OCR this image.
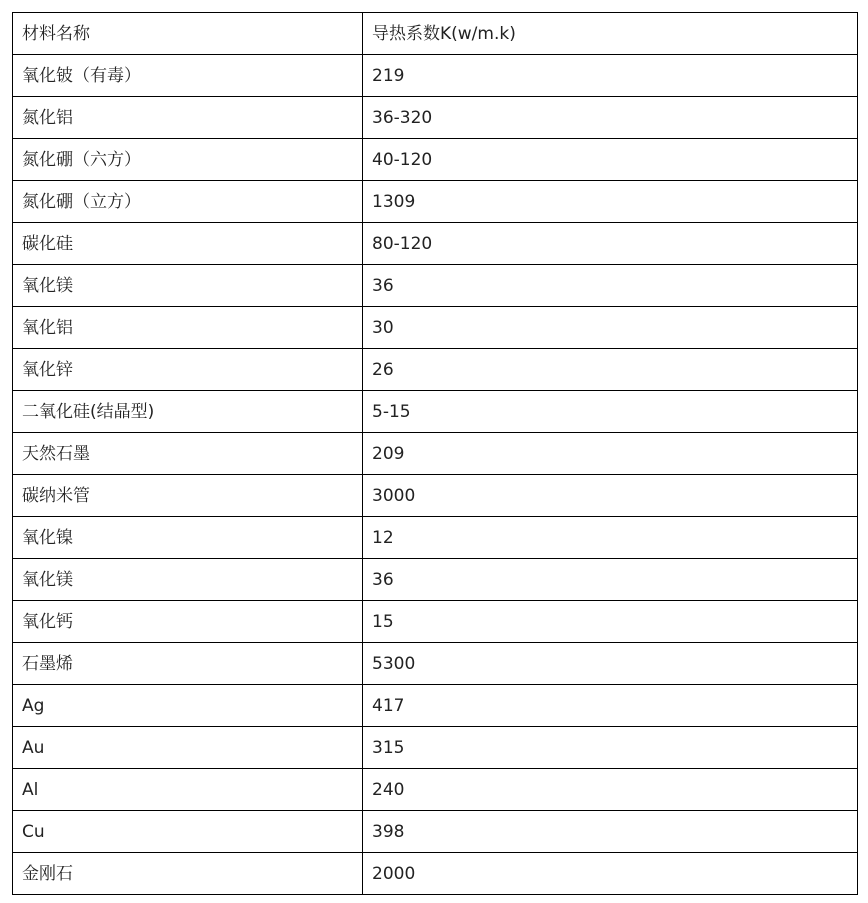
材料名称	导热系数K(w/m.k)
氧化铍（有毒）	219
氮化铝	36-320
氮化硼（六方）	40-120
氮化硼（立方）	1309
碳化硅	80-120
氧化镁	36
氧化铝	30
氧化锌	26
二氧化硅(结晶型)	5-15
天然石墨	209
碳纳米管	3000
氧化镍	12
氧化镁	36
氧化钙	15
石墨烯	5300
Ag	417
Au	315
Al	240
Cu	398
金刚石	2000
